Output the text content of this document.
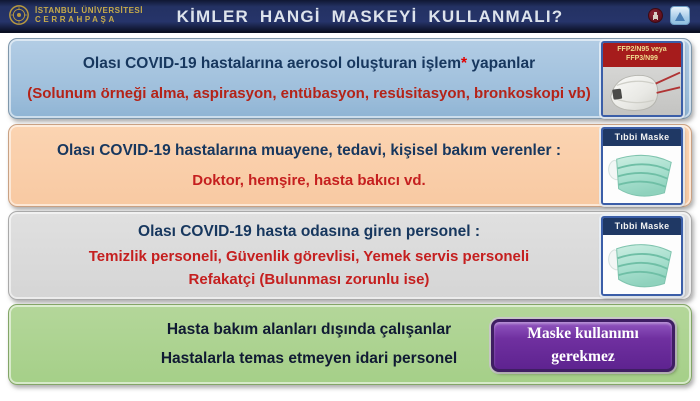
İSTANBUL ÜNİVERSİTESİ
CERRAHPAŞA	KİMLER HANGİ MASKEYİ KULLANMALI?
Olası COVID-19 hastalarına aerosol oluşturan işlem* yapanlar
(Solunum örneği alma, aspirasyon, entübasyon, resüsitasyon, bronkoskopi vb)
FFP2/N95 veya
FFP3/N99
Olası COVID-19 hastalarına muayene, tedavi, kişisel bakım verenler :
Doktor, hemşire, hasta bakıcı vd.
Tıbbi Maske
Olası COVID-19 hasta odasına giren personel :
Temizlik personeli, Güvenlik görevlisi, Yemek servis personeli
Refakatçi (Bulunması zorunlu ise)
Tıbbi Maske
Hasta bakım alanları dışında çalışanlar
Hastalarla temas etmeyen idari personel
Maske kullanımı gerekmez
